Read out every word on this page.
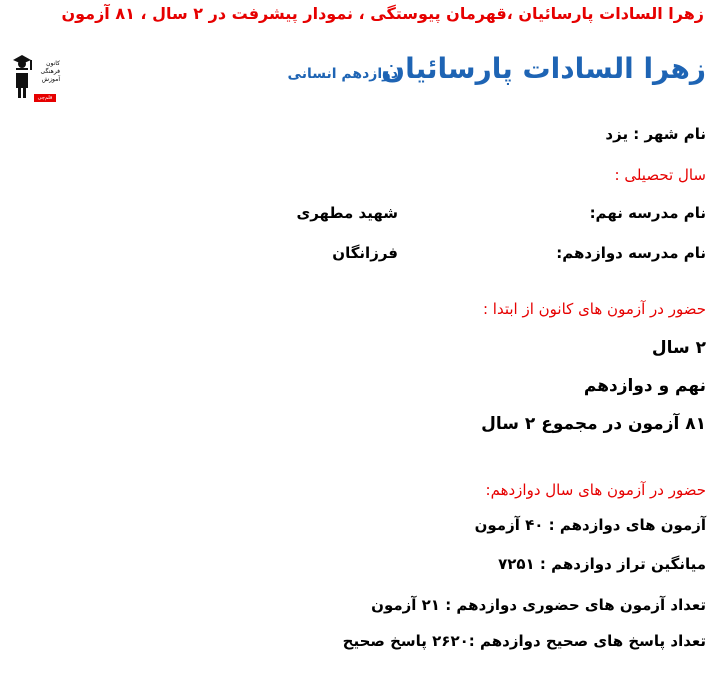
زهرا السادات پارسائیان ،قهرمان پیوستگی ، نمودار پیشرفت در ۲ سال ، ۸۱ آزمون
زهرا السادات پارسائیان
دوازدهم انسانی
کانون
فرهنگی
آموزش
قلم‌چی
نام شهر : یزد
سال تحصیلی :
نام مدرسه نهم:
شهید مطهری
نام مدرسه دوازدهم:
فرزانگان
حضور در آزمون های کانون از ابتدا :
۲ سال
نهم و دوازدهم
۸۱ آزمون در مجموع ۲ سال
حضور در آزمون های سال دوازدهم:
آزمون های دوازدهم : ۴۰ آزمون
میانگین تراز دوازدهم : ۷۲۵۱
تعداد آزمون های حضوری دوازدهم : ۲۱ آزمون
تعداد پاسخ های صحیح دوازدهم :۲۶۲۰ پاسخ صحیح
